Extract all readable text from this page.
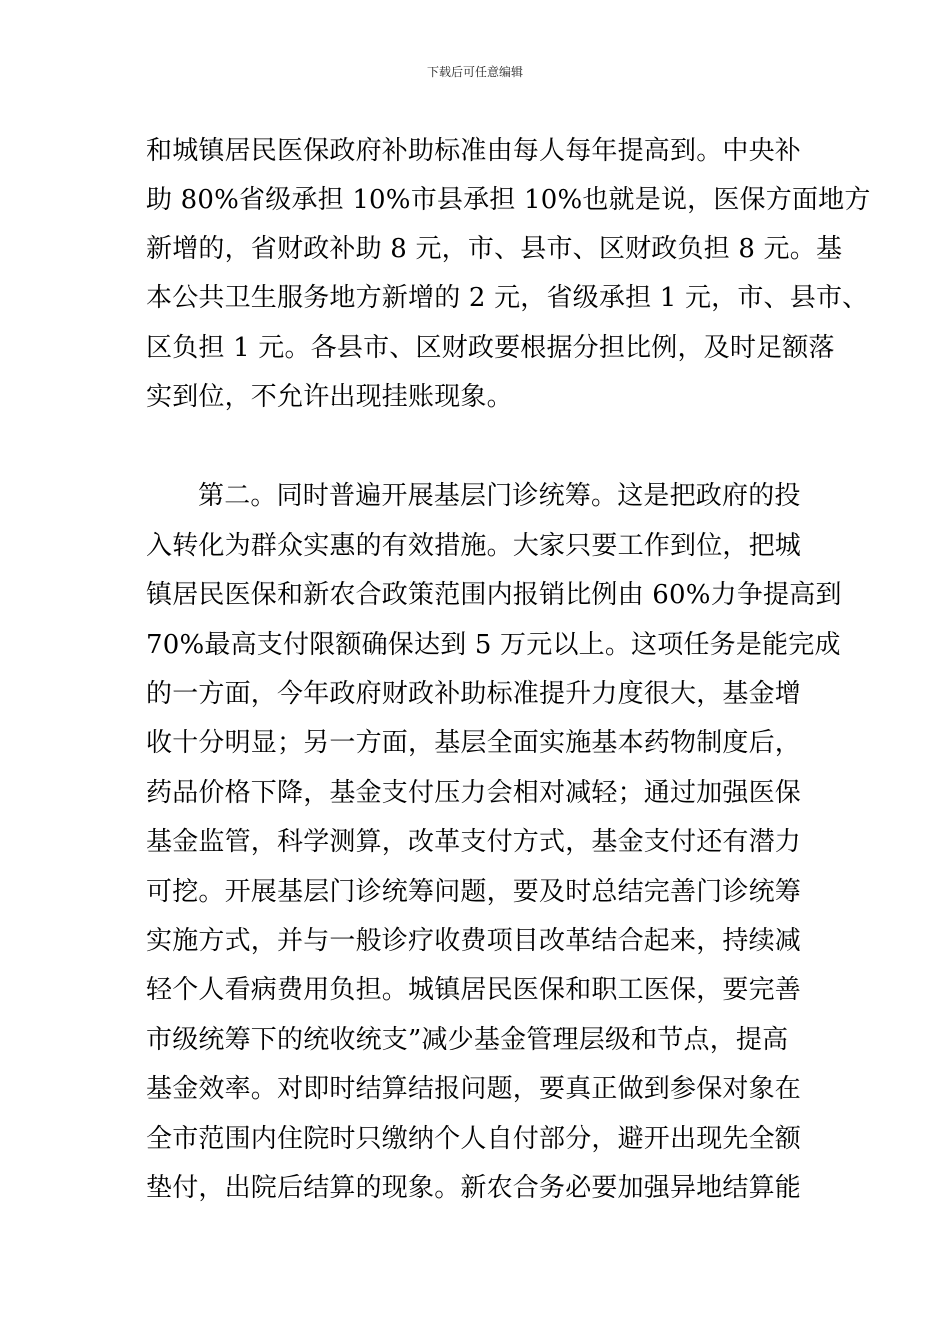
下载后可任意编辑

和城镇居民医保政府补助标准由每人每年提高到。中央补

助 80%省级承担 10%市县承担 10%也就是说，医保方面地方

新增的，省财政补助 8 元，市、县市、区财政负担 8 元。基

本公共卫生服务地方新增的 2 元，省级承担 1 元，市、县市、

区负担 1 元。各县市、区财政要根据分担比例，及时足额落

实到位，不允许出现挂账现象。

第二。同时普遍开展基层门诊统筹。这是把政府的投

入转化为群众实惠的有效措施。大家只要工作到位，把城

镇居民医保和新农合政策范围内报销比例由 60%力争提高到

70%最高支付限额确保达到 5 万元以上。这项任务是能完成

的一方面，今年政府财政补助标准提升力度很大，基金增

收十分明显；另一方面，基层全面实施基本药物制度后，

药品价格下降，基金支付压力会相对减轻；通过加强医保

基金监管，科学测算，改革支付方式，基金支付还有潜力

可挖。开展基层门诊统筹问题，要及时总结完善门诊统筹

实施方式，并与一般诊疗收费项目改革结合起来，持续减

轻个人看病费用负担。城镇居民医保和职工医保，要完善

市级统筹下的统收统支”减少基金管理层级和节点，提高

基金效率。对即时结算结报问题，要真正做到参保对象在

全市范围内住院时只缴纳个人自付部分，避开出现先全额

垫付，出院后结算的现象。新农合务必要加强异地结算能
